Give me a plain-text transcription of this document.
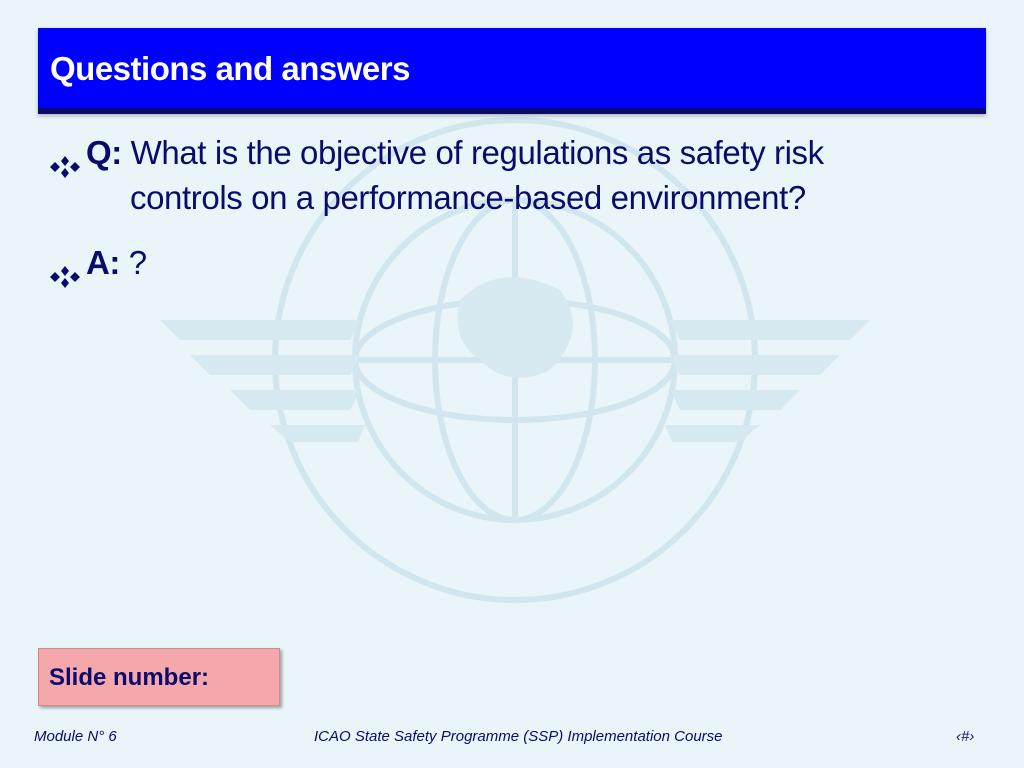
Questions and answers
Q: What is the objective of regulations as safety risk
controls on a performance-based environment?
A: ?
Slide number:
Module N° 6	ICAO State Safety Programme (SSP) Implementation Course	‹#›
